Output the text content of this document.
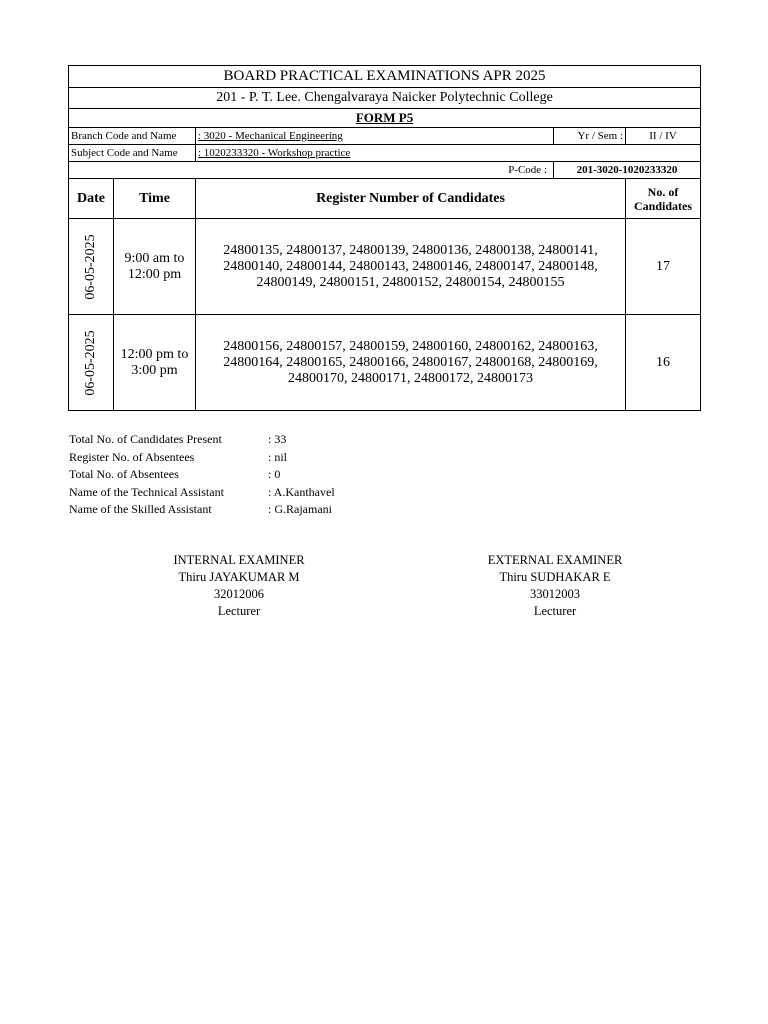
BOARD PRACTICAL EXAMINATIONS APR 2025			
201 - P. T. Lee. Chengalvaraya Naicker Polytechnic College			
FORM P5			
Branch Code and Name	: 3020 - Mechanical Engineering	Yr / Sem :	II / IV
Subject Code and Name	: 1020233320 - Workshop practice		
P-Code :		201-3020-1020233320	
Date	Time	Register Number of Candidates	No. of Candidates

06-05-2025	9:00 am to 12:00 pm	24800135, 24800137, 24800139, 24800136, 24800138, 24800141, 24800140, 24800144, 24800143, 24800146, 24800147, 24800148, 24800149, 24800151, 24800152, 24800154, 24800155	17

06-05-2025	12:00 pm to 3:00 pm	24800156, 24800157, 24800159, 24800160, 24800162, 24800163, 24800164, 24800165, 24800166, 24800167, 24800168, 24800169, 24800170, 24800171, 24800172, 24800173	16
Total No. of Candidates Present	: 33
Register No. of Absentees	: nil
Total No. of Absentees	: 0
Name of the Technical Assistant	: A.Kanthavel
Name of the Skilled Assistant	: G.Rajamani
INTERNAL EXAMINER
Thiru JAYAKUMAR M
32012006
Lecturer
EXTERNAL EXAMINER
Thiru SUDHAKAR E
33012003
Lecturer
